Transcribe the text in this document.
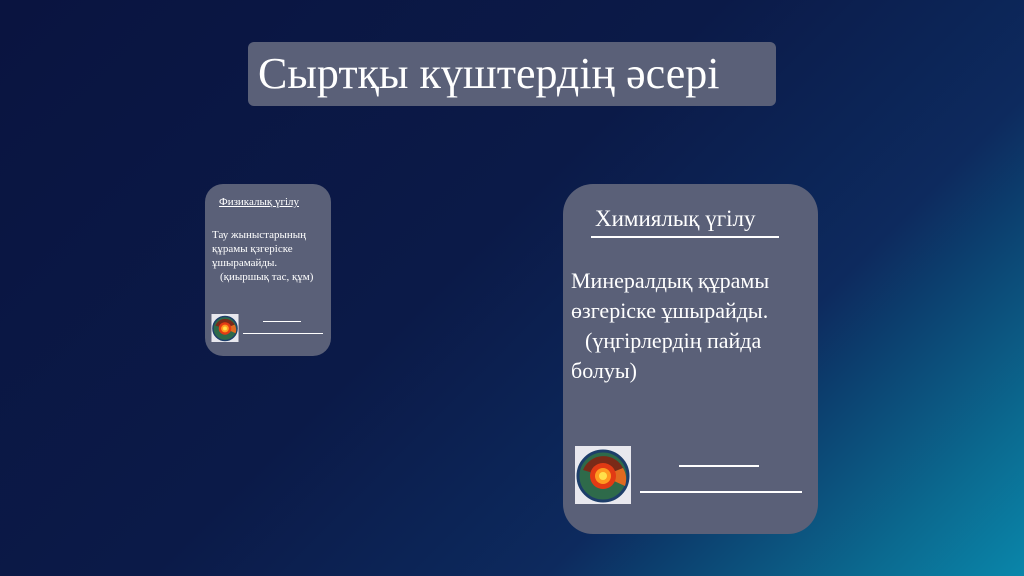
Сыртқы күштердің әсері
Физикалық үгілу
Тау жыныстарының
құрамы қзгеріске
ұшырамайды.
(қиыршық тас, құм)
Химиялық үгілу
Минералдық құрамы
өзгеріске ұшырайды.
(үңгірлердің пайда
болуы)
